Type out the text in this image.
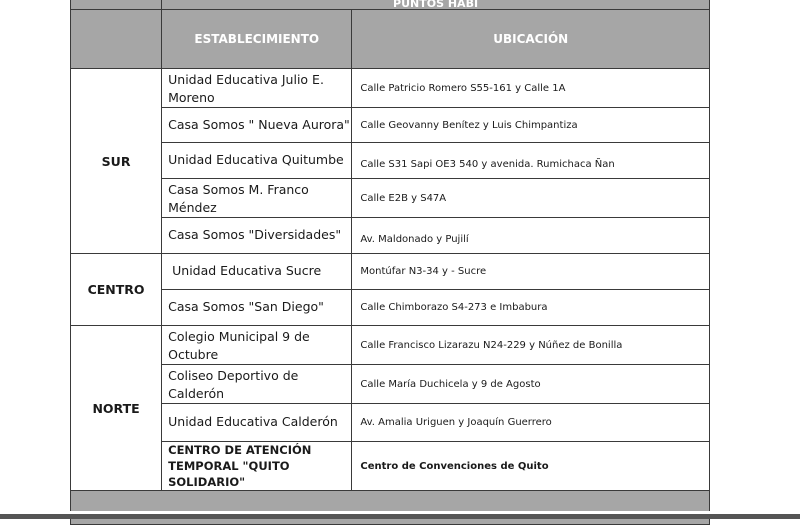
	PUNTOS HABI	
	ESTABLECIMIENTO	UBICACIÓN
SUR	Unidad Educativa Julio E. Moreno	Calle Patricio Romero S55-161 y Calle 1A
	Casa Somos " Nueva Aurora"	Calle Geovanny Benítez y Luis Chimpantiza
	Unidad Educativa Quitumbe	Calle S31 Sapi OE3 540 y avenida. Rumichaca Ñan
	Casa Somos M. Franco Méndez	Calle E2B y S47A
	Casa Somos "Diversidades"	Av. Maldonado y Pujilí
CENTRO	Unidad Educativa Sucre	Montúfar N3-34 y - Sucre
	Casa Somos "San Diego"	Calle Chimborazo S4-273 e Imbabura
NORTE	Colegio Municipal 9 de Octubre	Calle Francisco Lizarazu N24-229 y Núñez de Bonilla
	Coliseo Deportivo de Calderón	Calle María Duchicela y 9 de Agosto
	Unidad Educativa Calderón	Av. Amalia Uriguen y Joaquín Guerrero
	CENTRO DE ATENCIÓN TEMPORAL "QUITO SOLIDARIO"	Centro de Convenciones de Quito
